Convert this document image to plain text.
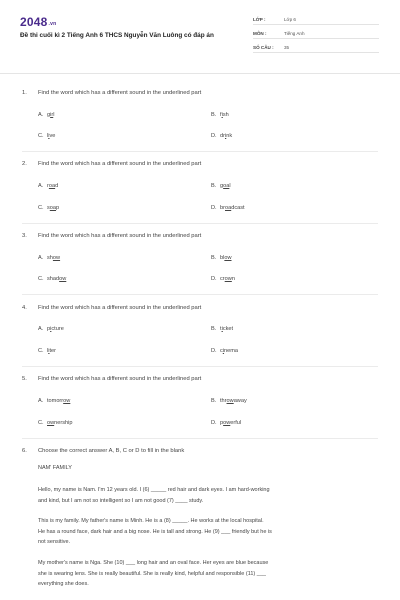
2048.vn
Đề thi cuối kì 2 Tiếng Anh 6 THCS Nguyễn Văn Luông có đáp án
LỚP :	Lớp 6
MÔN :	Tiếng Anh
SỐ CÂU : 35
1. Find the word which has a different sound in the underlined part
A. girl	B. fish
C. live	D. drink
2. Find the word which has a different sound in the underlined part
A. road	B. goal
C. soap	D. broadcast
3. Find the word which has a different sound in the underlined part
A. show	B. blow
C. shadow	D. crown
4. Find the word which has a different sound in the underlined part
A. picture	B. ticket
C. liter	D. cinema
5. Find the word which has a different sound in the underlined part
A. tomorrow	B. throwaway
C. ownership	D. powerful
6. Choose the correct answer A, B, C or D to fill in the blank
NAM' FAMILY
Hello, my name is Nam. I'm 12 years old. I (6) _____ red hair and dark eyes. I am hard-working
and kind, but I am not so intelligent so I am not good (7) ____ study.
This is my family. My father's name is Minh. He is a (8) _____. He works at the local hospital.
He has a round face, dark hair and a big nose. He is tall and strong. He (9) ___ friendly but he is
not sensitive.
My mother's name is Nga. She (10) ___ long hair and an oval face. Her eyes are blue because
she is wearing lens. She is really beautiful. She is really kind, helpful and responsible (11) ___
everything she does.
